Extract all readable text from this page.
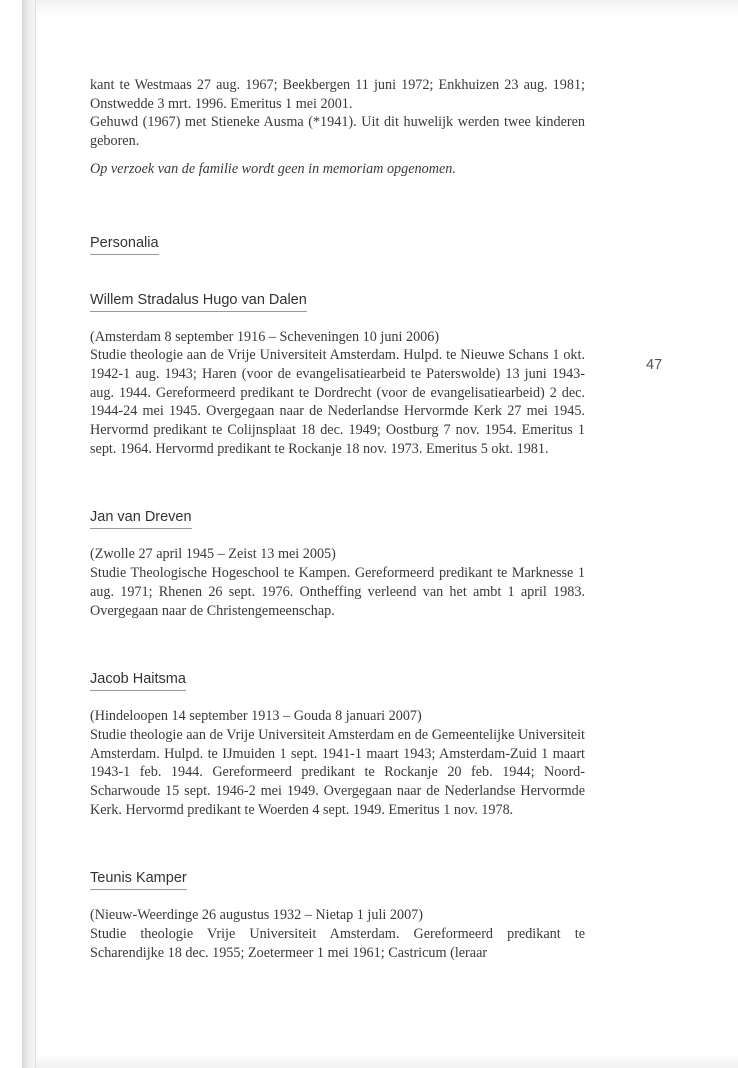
47

kant te Westmaas 27 aug. 1967; Beekbergen 11 juni 1972; Enkhuizen 23 aug. 1981; Onstwedde 3 mrt. 1996. Emeritus 1 mei 2001.

Gehuwd (1967) met Stieneke Ausma (*1941). Uit dit huwelijk werden twee kinderen geboren.

Op verzoek van de familie wordt geen in memoriam opgenomen.

Personalia
Willem Stradalus Hugo van Dalen

(Amsterdam 8 september 1916 – Scheveningen 10 juni 2006)

Studie theologie aan de Vrije Universiteit Amsterdam. Hulpd. te Nieuwe Schans 1 okt. 1942-1 aug. 1943; Haren (voor de evangelisatiearbeid te Paterswolde) 13 juni 1943-aug. 1944. Gereformeerd predikant te Dordrecht (voor de evangelisatiearbeid) 2 dec. 1944-24 mei 1945. Overgegaan naar de Nederlandse Hervormde Kerk 27 mei 1945. Hervormd predikant te Colijnsplaat 18 dec. 1949; Oostburg 7 nov. 1954. Emeritus 1 sept. 1964. Hervormd predikant te Rockanje 18 nov. 1973. Emeritus 5 okt. 1981.

Jan van Dreven

(Zwolle 27 april 1945 – Zeist 13 mei 2005)

Studie Theologische Hogeschool te Kampen. Gereformeerd predikant te Marknesse 1 aug. 1971; Rhenen 26 sept. 1976. Ontheffing verleend van het ambt 1 april 1983. Overgegaan naar de Christengemeenschap.

Jacob Haitsma

(Hindeloopen 14 september 1913 – Gouda 8 januari 2007)

Studie theologie aan de Vrije Universiteit Amsterdam en de Gemeentelijke Universiteit Amsterdam. Hulpd. te IJmuiden 1 sept. 1941-1 maart 1943; Amsterdam-Zuid 1 maart 1943-1 feb. 1944. Gereformeerd predikant te Rockanje 20 feb. 1944; Noord-Scharwoude 15 sept. 1946-2 mei 1949. Overgegaan naar de Nederlandse Hervormde Kerk. Hervormd predikant te Woerden 4 sept. 1949. Emeritus 1 nov. 1978.

Teunis Kamper

(Nieuw-Weerdinge 26 augustus 1932 – Nietap 1 juli 2007)

Studie theologie Vrije Universiteit Amsterdam. Gereformeerd predikant te Scharendijke 18 dec. 1955; Zoetermeer 1 mei 1961; Castricum (leraar
